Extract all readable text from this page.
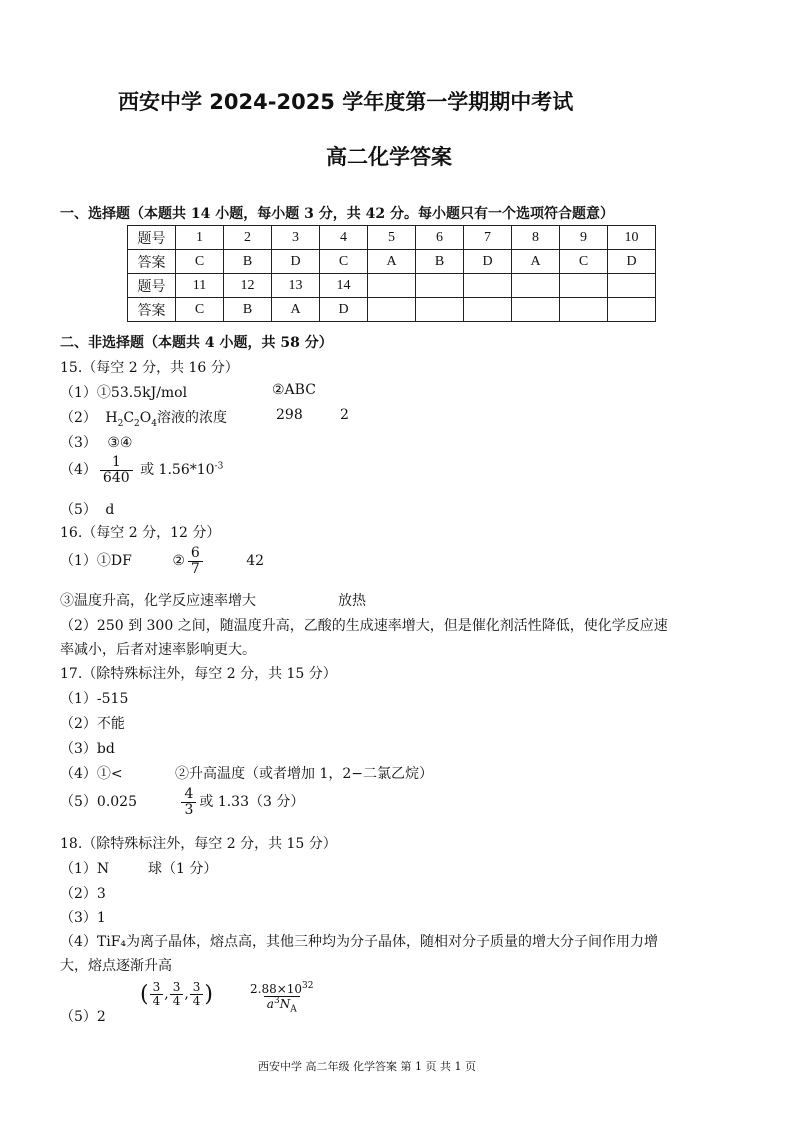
西安中学 2024-2025 学年度第一学期期中考试
高二化学答案
一、选择题（本题共 14 小题，每小题 3 分，共 42 分。每小题只有一个选项符合题意）
题号	1	2	3	4	5	6	7	8	9	10
答案	C	B	D	C	A	B	D	A	C	D
题号	11	12	13	14						
答案	C	B	A	D						
二、非选择题（本题共 4 小题，共 58 分）
15.（每空 2 分，共 16 分）
（1）①53.5kJ/mol	②ABC
（2） $H_2C_2O_4$溶液的浓度	298	2
（3） ③④
$(4) \frac{1}{640}$ 或 $1.56*10^{-3}$
（5） d
16.（每空 2 分，12 分）
（1）①DF	② $\frac{6}{7}$	42
③温度升高，化学反应速率增大	放热
（2）250 到 300 之间，随温度升高，乙酸的生成速率增大，但是催化剂活性降低，使化学反应速
率减小，后者对速率影响更大。
17.（除特殊标注外，每空 2 分，共 15 分）
（1）-515
（2）不能
（3）bd
（4）①<	②升高温度（或者增加 1，2−二氯乙烷）
（5）0.025	$\frac{4}{3}$ 或 1.33（3 分）
18.（除特殊标注外，每空 2 分，共 15 分）
（1）N	球（1 分）
（2）3
（3）1
（4）TiF₄为离子晶体，熔点高，其他三种均为分子晶体，随相对分子质量的增大分子间作用力增
大，熔点逐渐升高
（5）2
( $\frac{3}{4}$ , $\frac{3}{4}$ , $\frac{3}{4}$ )	$\frac{2.88\times 10^{32}}{a^3N_A}$
西安中学 高二年级 化学答案 第 1 页 共 1 页
